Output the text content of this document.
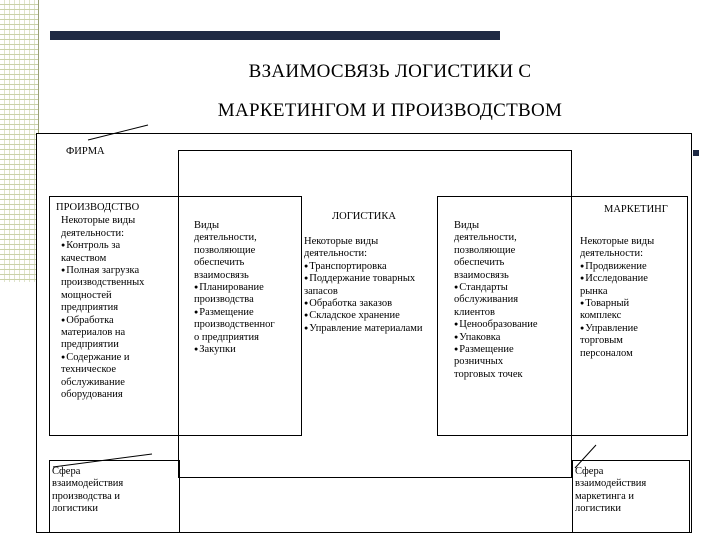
ВЗАИМОСВЯЗЬ ЛОГИСТИКИ С
МАРКЕТИНГОМ И ПРОИЗВОДСТВОМ
ФИРМА
ПРОИЗВОДСТВО
Некоторые виды
деятельности:
● Контроль за
качеством
● Полная загрузка
производственных
мощностей
предприятия
● Обработка
материалов на
предприятии
● Содержание и
техническое
обслуживание
оборудования
Виды
деятельности,
позволяющие
обеспечить
взаимосвязь
● Планирование
производства
● Размещение
производственног
о предприятия
● Закупки
ЛОГИСТИКА
Некоторые виды
деятельности:
● Транспортировка
● Поддержание товарных
запасов
● Обработка заказов
● Складское хранение
● Управление материалами
Виды
деятельности,
позволяющие
обеспечить
взаимосвязь
● Стандарты
обслуживания
клиентов
● Ценообразование
● Упаковка
● Размещение
розничных
торговых точек
МАРКЕТИНГ
Некоторые виды
деятельности:
● Продвижение
● Исследование
рынка
● Товарный
комплекс
● Управление
торговым
персоналом
Сфера
взаимодействия
производства и
логистики
Сфера
взаимодействия
маркетинга и
логистики
